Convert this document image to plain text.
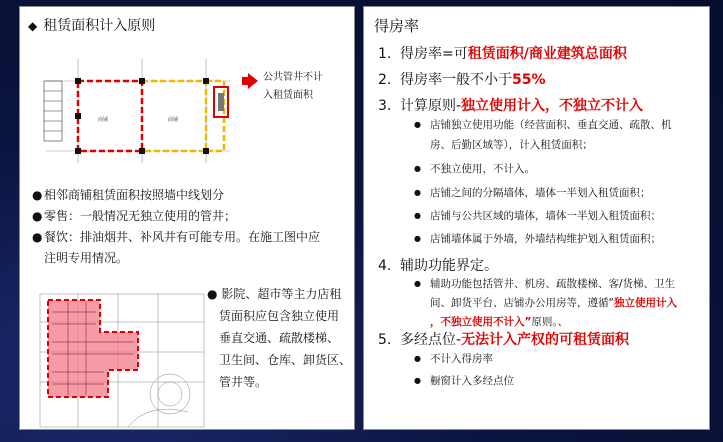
◆ 租赁面积计入原则
商铺	商铺
公共管井不计
入租赁面积
● 相邻商铺租赁面积按照墙中线划分
● 零售：一般情况无独立使用的管井；
● 餐饮：排油烟井、补风井有可能专用。在施工图中应
注明专用情况。
● 影院、超市等主力店租
赁面积应包含独立使用
垂直交通、疏散楼梯、
卫生间、仓库、卸货区、
管井等。
得房率
1. 得房率=可租赁面积/商业建筑总面积
2. 得房率一般不小于55%
3. 计算原则-独立使用计入，不独立不计入
● 店铺独立使用功能（经营面积、垂直交通、疏散、机
房、后勤区域等），计入租赁面积；
● 不独立使用，不计入。
● 店铺之间的分隔墙体，墙体一半划入租赁面积；
● 店铺与公共区域的墙体，墙体一半划入租赁面积；
● 店铺墙体属于外墙，外墙结构维护划入租赁面积；
4. 辅助功能界定。
● 辅助功能包括管井、机房、疏散楼梯、客/货梯、卫生
间、卸货平台、店铺办公用房等，遵循“独立使用计入
，不独立使用不计入”原则。、
5. 多经点位-无法计入产权的可租赁面积
● 不计入得房率
● 橱窗计入多经点位
